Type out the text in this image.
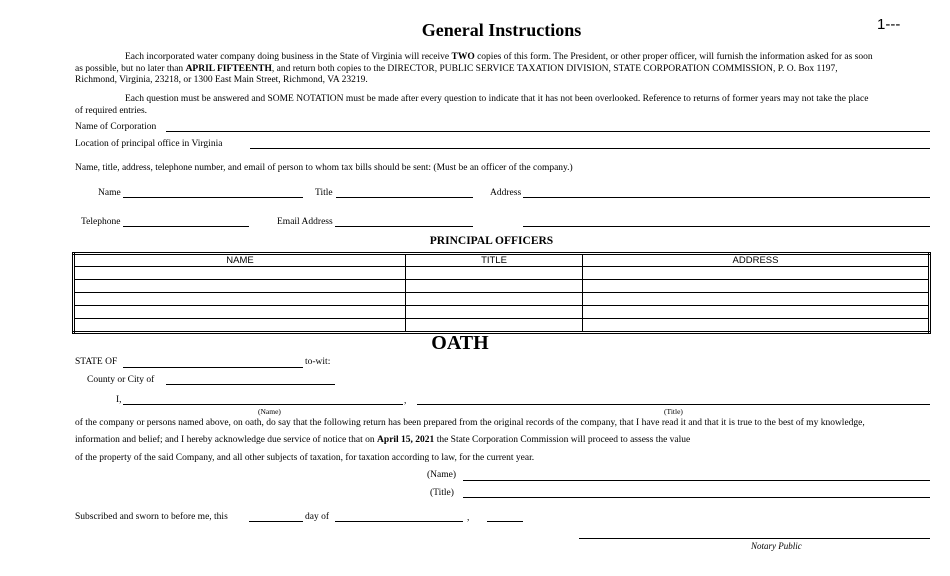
1---
General Instructions
Each incorporated water company doing business in the State of Virginia will receive TWO copies of this form. The President, or other proper officer, will furnish the information asked for as soon as possible, but no later than APRIL FIFTEENTH, and return both copies to the DIRECTOR, PUBLIC SERVICE TAXATION DIVISION, STATE CORPORATION COMMISSION, P. O. Box 1197, Richmond, Virginia, 23218, or 1300 East Main Street, Richmond, VA 23219.
Each question must be answered and SOME NOTATION must be made after every question to indicate that it has not been overlooked. Reference to returns of former years may not take the place of required entries.
Name of Corporation
Location of principal office in Virginia
Name, title, address, telephone number, and email of person to whom tax bills should be sent: (Must be an officer of the company.)
Name	Title	Address
Telephone	Email Address
PRINCIPAL OFFICERS
NAME	TITLE	ADDRESS

OATH
STATE OF	to-wit:
County or City of
I,	,
(Name)	(Title)
of the company or persons named above, on oath, do say that the following return has been prepared from the original records of the company, that I have read it and that it is true to the best of my knowledge,
information and belief; and I hereby acknowledge due service of notice that on April 15, 2021 the State Corporation Commission will proceed to assess the value
of the property of the said Company, and all other subjects of taxation, for taxation according to law, for the current year.
(Name)
(Title)
Subscribed and sworn to before me, this	day of	,
Notary Public
